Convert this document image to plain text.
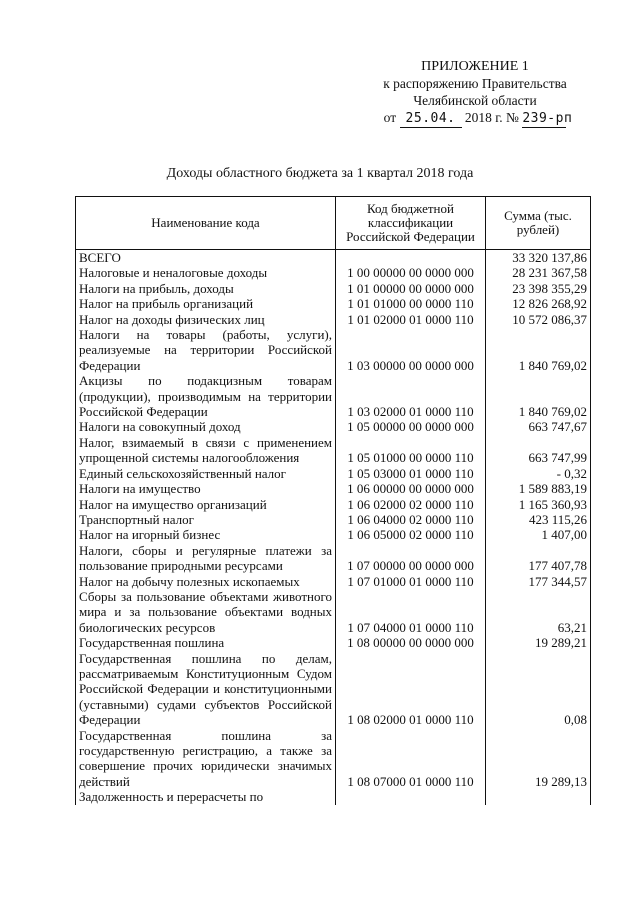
ПРИЛОЖЕНИЕ 1
к распоряжению Правительства
Челябинской области
от 25.04. 2018 г. № 239-рп
Доходы областного бюджета за 1 квартал 2018 года
Наименование кода	Код бюджетной классификации Российской Федерации	Сумма (тыс. рублей)
ВСЕГО		33 320 137,86
Налоговые и неналоговые доходы	1 00 00000 00 0000 000	28 231 367,58
Налоги на прибыль, доходы	1 01 00000 00 0000 000	23 398 355,29
Налог на прибыль организаций	1 01 01000 00 0000 110	12 826 268,92
Налог на доходы физических лиц	1 01 02000 01 0000 110	10 572 086,37
Налоги на товары (работы, услуги), реализуемые на территории Российской Федерации	1 03 00000 00 0000 000	1 840 769,02
Акцизы по подакцизным товарам (продукции), производимым на территории Российской Федерации	1 03 02000 01 0000 110	1 840 769,02
Налоги на совокупный доход	1 05 00000 00 0000 000	663 747,67
Налог, взимаемый в связи с применением упрощенной системы налогообложения	1 05 01000 00 0000 110	663 747,99
Единый сельскохозяйственный налог	1 05 03000 01 0000 110	- 0,32
Налоги на имущество	1 06 00000 00 0000 000	1 589 883,19
Налог на имущество организаций	1 06 02000 02 0000 110	1 165 360,93
Транспортный налог	1 06 04000 02 0000 110	423 115,26
Налог на игорный бизнес	1 06 05000 02 0000 110	1 407,00
Налоги, сборы и регулярные платежи за пользование природными ресурсами	1 07 00000 00 0000 000	177 407,78
Налог на добычу полезных ископаемых	1 07 01000 01 0000 110	177 344,57
Сборы за пользование объектами животного мира и за пользование объектами водных биологических ресурсов	1 07 04000 01 0000 110	63,21
Государственная пошлина	1 08 00000 00 0000 000	19 289,21
Государственная пошлина по делам, рассматриваемым Конституционным Судом Российской Федерации и конституционными (уставными) судами субъектов Российской Федерации	1 08 02000 01 0000 110	0,08
Государственная пошлина за государственную регистрацию, а также за совершение прочих юридически значимых действий	1 08 07000 01 0000 110	19 289,13
Задолженность и перерасчеты по		
